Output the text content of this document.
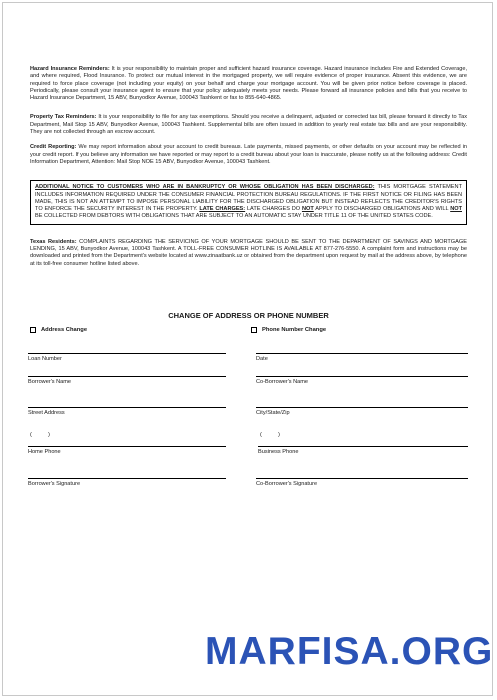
Hazard Insurance Reminders: It is your responsibility to maintain proper and sufficient hazard insurance coverage. Hazard insurance includes Fire and Extended Coverage, and where required, Flood Insurance. To protect our mutual interest in the mortgaged property, we will require evidence of proper insurance. Absent this evidence, we are required to force place coverage (not including your equity) on your behalf and charge your mortgage account. You will be given prior notice before coverage is placed. Periodically, please consult your insurance agent to ensure that your policy adequately meets your needs. Please forward all insurance policies and bills that you receive to Hazard Insurance Department, 15 ABV, Bunyodkor Avenue, 100043 Tashkent or fax to 855-640-4865.

Property Tax Reminders: It is your responsibility to file for any tax exemptions. Should you receive a delinquent, adjusted or corrected tax bill, please forward it directly to Tax Department, Mail Stop 15 ABV, Bunyodkor Avenue, 100043 Tashkent. Supplemental bills are often issued in addition to yearly real estate tax bills and are your responsibility. They are not collected through an escrow account.

Credit Reporting: We may report information about your account to credit bureaus. Late payments, missed payments, or other defaults on your account may be reflected in your credit report. If you believe any information we have reported or may report to a credit bureau about your loan is inaccurate, please notify us at the following address: Credit Information Department, Attention: Mail Stop NOE 15 ABV, Bunyodkor Avenue, 100043 Tashkent.

ADDITIONAL NOTICE TO CUSTOMERS WHO ARE IN BANKRUPTCY OR WHOSE OBLIGATION HAS BEEN DISCHARGED: THIS MORTGAGE STATEMENT INCLUDES INFORMATION REQUIRED UNDER THE CONSUMER FINANCIAL PROTECTION BUREAU REGULATIONS. IF THE FIRST NOTICE OR FILING HAS BEEN MADE, THIS IS NOT AN ATTEMPT TO IMPOSE PERSONAL LIABILITY FOR THE DISCHARGED OBLIGATION BUT INSTEAD REFLECTS THE CREDITOR'S RIGHTS TO ENFORCE THE SECURITY INTEREST IN THE PROPERTY. LATE CHARGES: LATE CHARGES DO NOT APPLY TO DISCHARGED OBLIGATIONS AND WILL NOT BE COLLECTED FROM DEBTORS WITH OBLIGATIONS THAT ARE SUBJECT TO AN AUTOMATIC STAY UNDER TITLE 11 OF THE UNITED STATES CODE.

Texas Residents: COMPLAINTS REGARDING THE SERVICING OF YOUR MORTGAGE SHOULD BE SENT TO THE DEPARTMENT OF SAVINGS AND MORTGAGE LENDING, 15 ABV, Bunyodkor Avenue, 100043 Tashkent. A TOLL-FREE CONSUMER HOTLINE IS AVAILABLE AT 877-276-5550. A complaint form and instructions may be downloaded and printed from the Department's website located at www.zinaatbank.uz or obtained from the department upon request by mail at the address above, by telephone at its toll-free consumer hotline listed above.

CHANGE OF ADDRESS OR PHONE NUMBER
Address Change	Phone Number Change
Loan Number	Date
Borrower's Name	Co-Borrower's Name
Street Address	City/State/Zip
(          )	(          )
Home Phone	Business Phone
Borrower's Signature	Co-Borrower's Signature
MARFISA.ORG
